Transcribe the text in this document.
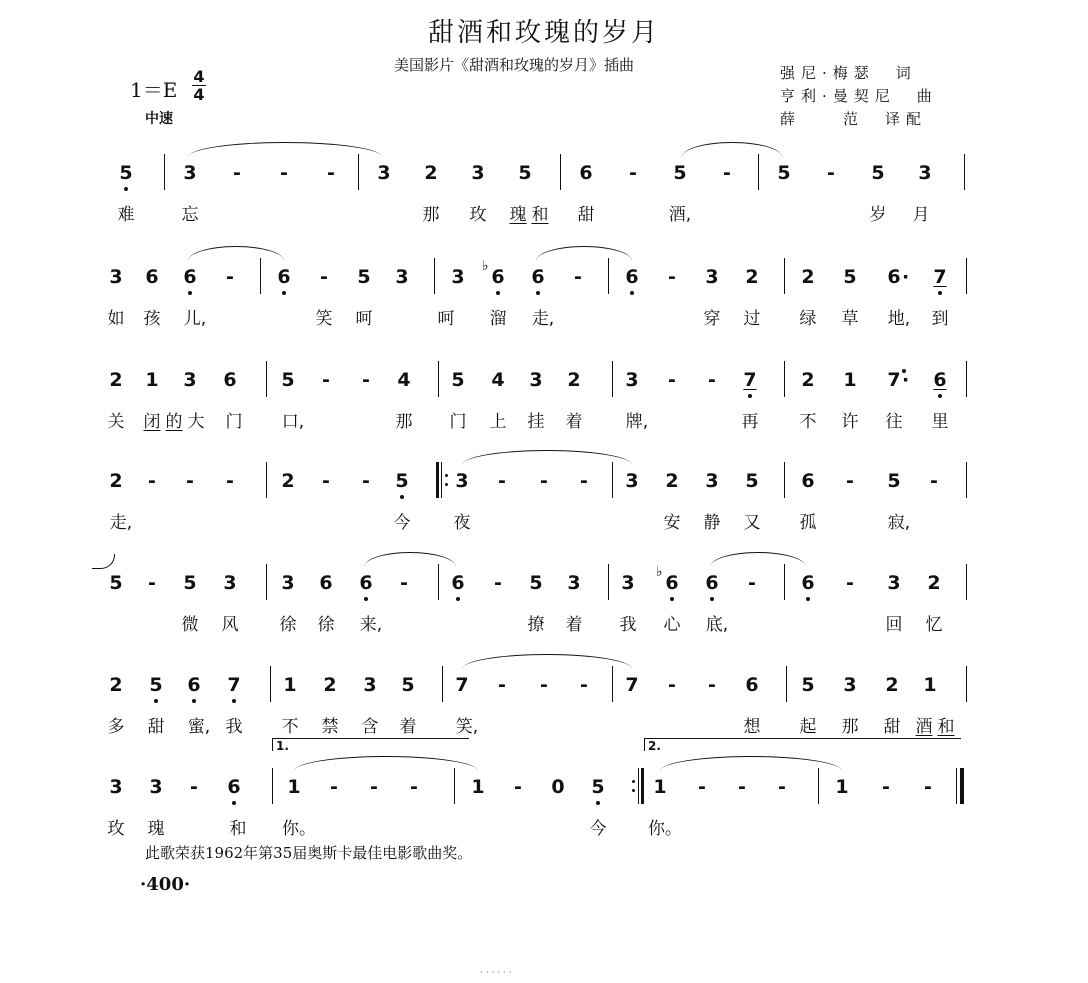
甜酒和玫瑰的岁月
美国影片《甜酒和玫瑰的岁月》插曲	强尼·梅瑟　词
亨利·曼契尼　曲
薛　　范　译配
$1=E \frac{4}{4}$
中速
5	3	-	-	-	3 2 3 5	6	-	5	-	5	-	5 3
难	忘	那 玫 瑰 和 甜	酒,	岁 月
3 6 6	-	6	-	5 3 3 ♭ 6 6	-	6	-	3 2 2 5 6 · 7
如 孩	儿,	笑 呵	呵 溜	走,	穿 过 绿 草	地,	到
2 1 3 6 5	-	-	4 5 4 3 2 3	-	-	7 2 1 7 · 6
关 闭 的 大 门	口,	那 门 上 挂 着	牌,	再 不 许 往 里
2	-	-	-	2	-	-	5 3	-	-	-	3 2 3 5 6	-	5	-
走,	今	夜	安 静 又 孤	寂,
5	-	5 3 3 6 6	-	6	-	5 3 3 ♭ 6 6	-	6	-	3 2
微 风 徐 徐	来,	撩 着 我 心	底,	回 忆
2 5 6 7 1 2 3 5 7	-	-	-	7	-	-	6 5 3 2 1
多 甜	蜜, 我 不 禁 含 着	笑,	想 起 那 甜 酒 和
1.	2.
3 3	-	6 1	-	-	-	1	-	0 5	1	-	-	-	1	-	-
玫 瑰	和 你。	今 你。
此歌荣获1962年第35届奥斯卡最佳电影歌曲奖。
·400·
· · · · · ·
